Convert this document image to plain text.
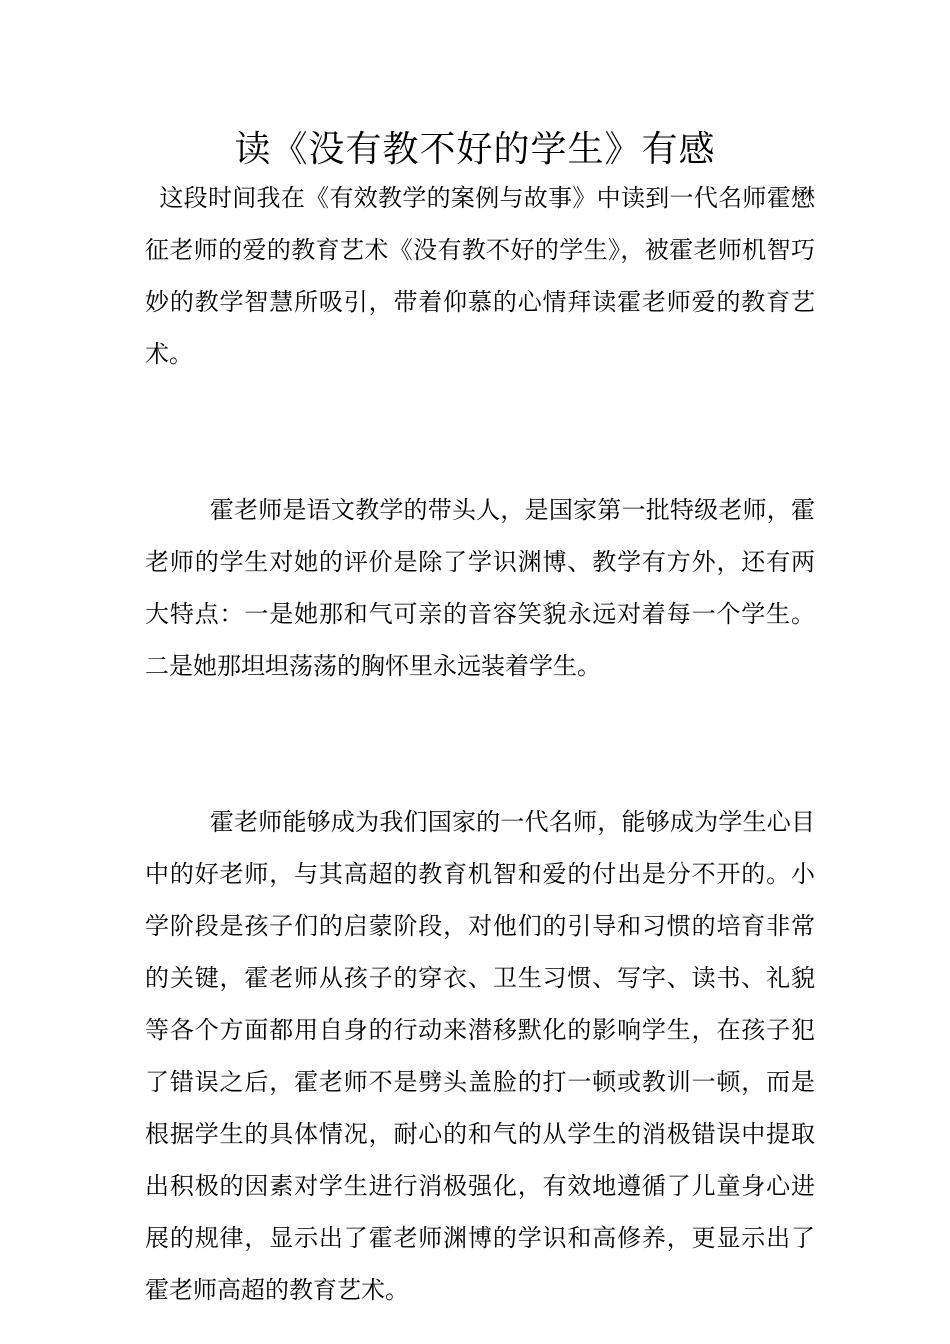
读《没有教不好的学生》有感

这段时间我在《有效教学的案例与故事》中读到一代名师霍懋征老师的爱的教育艺术《没有教不好的学生》，被霍老师机智巧妙的教学智慧所吸引，带着仰慕的心情拜读霍老师爱的教育艺术。

霍老师是语文教学的带头人，是国家第一批特级老师，霍老师的学生对她的评价是除了学识渊博、教学有方外，还有两大特点：一是她那和气可亲的音容笑貌永远对着每一个学生。二是她那坦坦荡荡的胸怀里永远装着学生。

霍老师能够成为我们国家的一代名师，能够成为学生心目中的好老师，与其高超的教育机智和爱的付出是分不开的。小学阶段是孩子们的启蒙阶段，对他们的引导和习惯的培育非常的关键，霍老师从孩子的穿衣、卫生习惯、写字、读书、礼貌等各个方面都用自身的行动来潜移默化的影响学生，在孩子犯了错误之后，霍老师不是劈头盖脸的打一顿或教训一顿，而是根据学生的具体情况，耐心的和气的从学生的消极错误中提取出积极的因素对学生进行消极强化，有效地遵循了儿童身心进展的规律，显示出了霍老师渊博的学识和高修养，更显示出了霍老师高超的教育艺术。
